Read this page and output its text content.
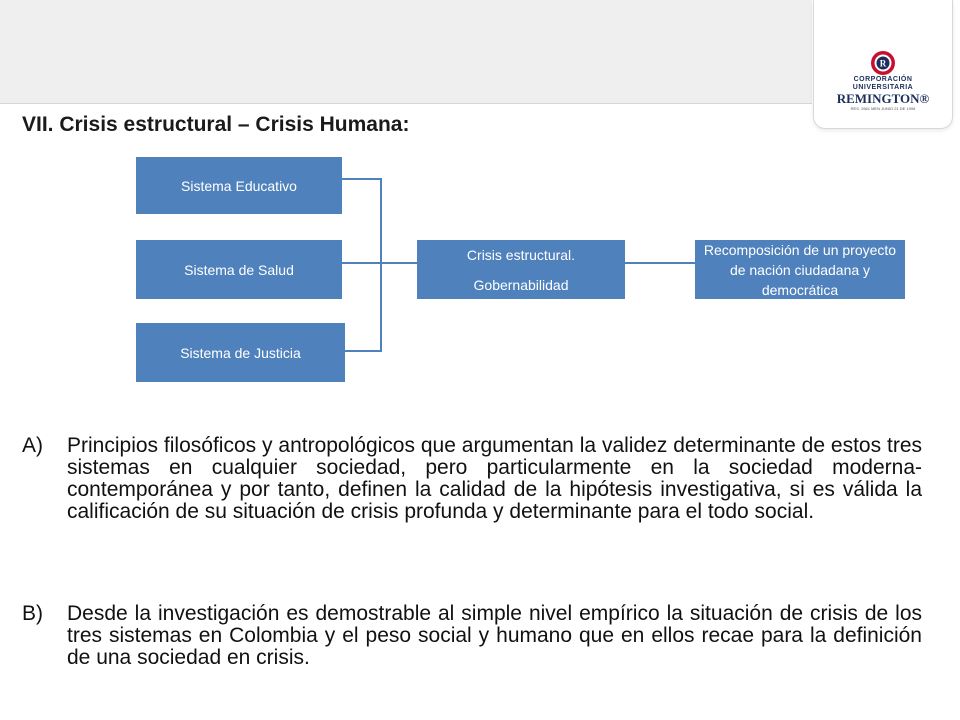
R
CORPORACIÓN
UNIVERSITARIA
REMINGTON®
RES. 2661 MEN JUNIO 21 DE 1996
VII. Crisis estructural – Crisis Humana:
Sistema Educativo
Sistema de Salud
Sistema de Justicia
Crisis estructural.
Gobernabilidad
Recomposición de un proyecto de nación ciudadana y democrática
A)	Principios filosóficos y antropológicos que argumentan la validez determinante de estos tres sistemas en cualquier sociedad, pero particularmente en la sociedad moderna-contemporánea y por tanto, definen la calidad de la hipótesis investigativa, si es válida la calificación de su situación de crisis profunda y determinante para el todo social.
B)	Desde la investigación es demostrable al simple nivel empírico la situación de crisis de los tres sistemas en Colombia y el peso social y humano que en ellos recae para la definición de una sociedad en crisis.
